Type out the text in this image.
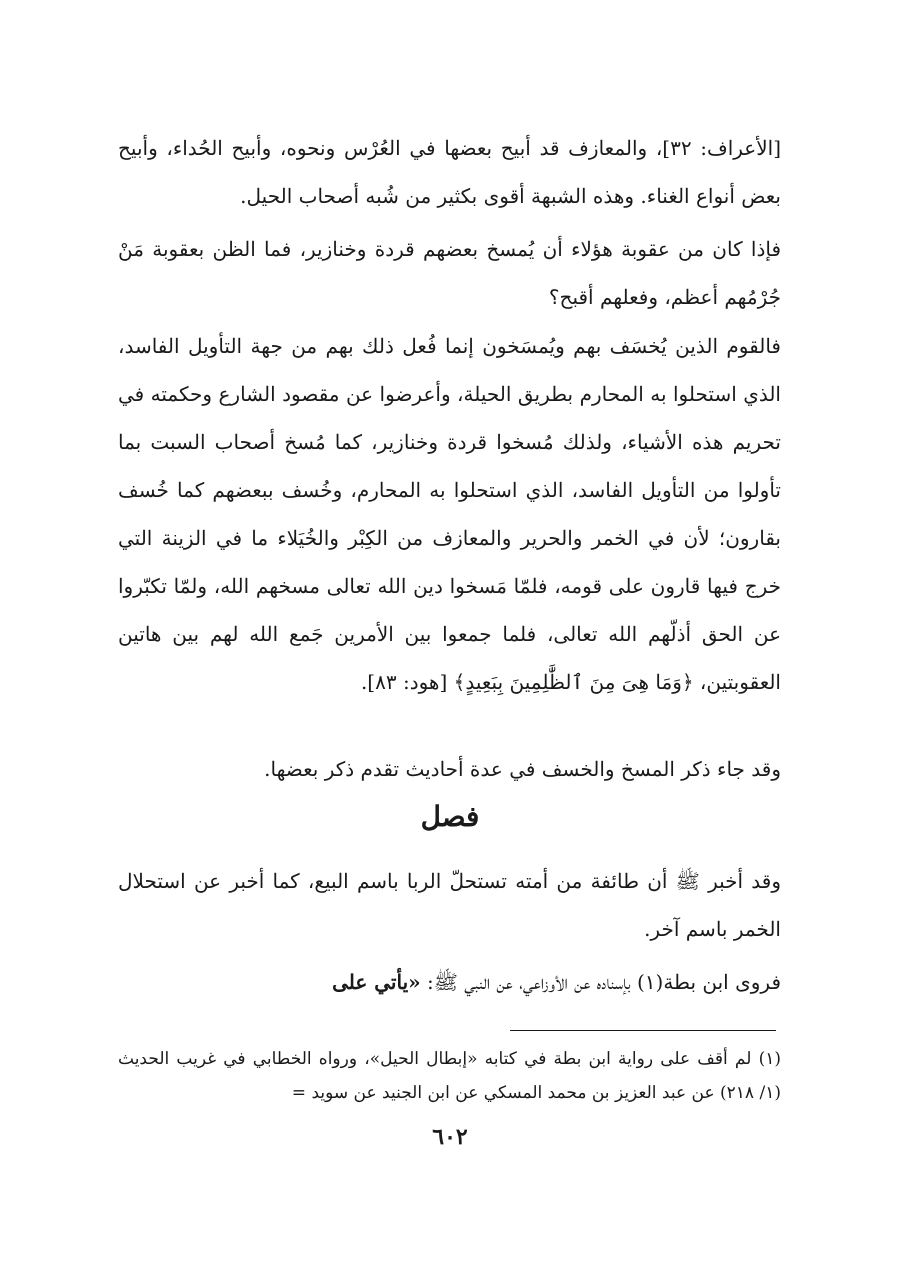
[الأعراف: ٣٢]، والمعازف قد أبيح بعضها في العُرْس ونحوه، وأبيح الحُداء، وأبيح بعض أنواع الغناء. وهذه الشبهة أقوى بكثير من شُبه أصحاب الحيل.

فإذا كان من عقوبة هؤلاء أن يُمسخ بعضهم قردة وخنازير، فما الظن بعقوبة مَنْ جُرْمُهم أعظم، وفعلهم أقبح؟

فالقوم الذين يُخسَف بهم ويُمسَخون إنما فُعل ذلك بهم من جهة التأويل الفاسد، الذي استحلوا به المحارم بطريق الحيلة، وأعرضوا عن مقصود الشارع وحكمته في تحريم هذه الأشياء، ولذلك مُسخوا قردة وخنازير، كما مُسخ أصحاب السبت بما تأولوا من التأويل الفاسد، الذي استحلوا به المحارم، وخُسف ببعضهم كما خُسف بقارون؛ لأن في الخمر والحرير والمعازف من الكِبْر والخُيَلاء ما في الزينة التي خرج فيها قارون على قومه، فلمّا مَسخوا دين الله تعالى مسخهم الله، ولمّا تكبّروا عن الحق أذلّهم الله تعالى، فلما جمعوا بين الأمرين جَمع الله لهم بين هاتين العقوبتين، ﴿وَمَا هِىَ مِنَ ٱلظَّٰلِمِينَ بِبَعِيدٍ﴾ [هود: ٨٣].

وقد جاء ذكر المسخ والخسف في عدة أحاديث تقدم ذكر بعضها.

فصل

وقد أخبر ﷺ أن طائفة من أمته تستحلّ الربا باسم البيع، كما أخبر عن استحلال الخمر باسم آخر.

فروى ابن بطة(١) بإسناده عن الأوزاعي، عن النبي ﷺ: «يأتي على

(١) لم أقف على رواية ابن بطة في كتابه «إبطال الحيل»، ورواه الخطابي في غريب الحديث (١/ ٢١٨) عن عبد العزيز بن محمد المسكي عن ابن الجنيد عن سويد =
٦٠٢
